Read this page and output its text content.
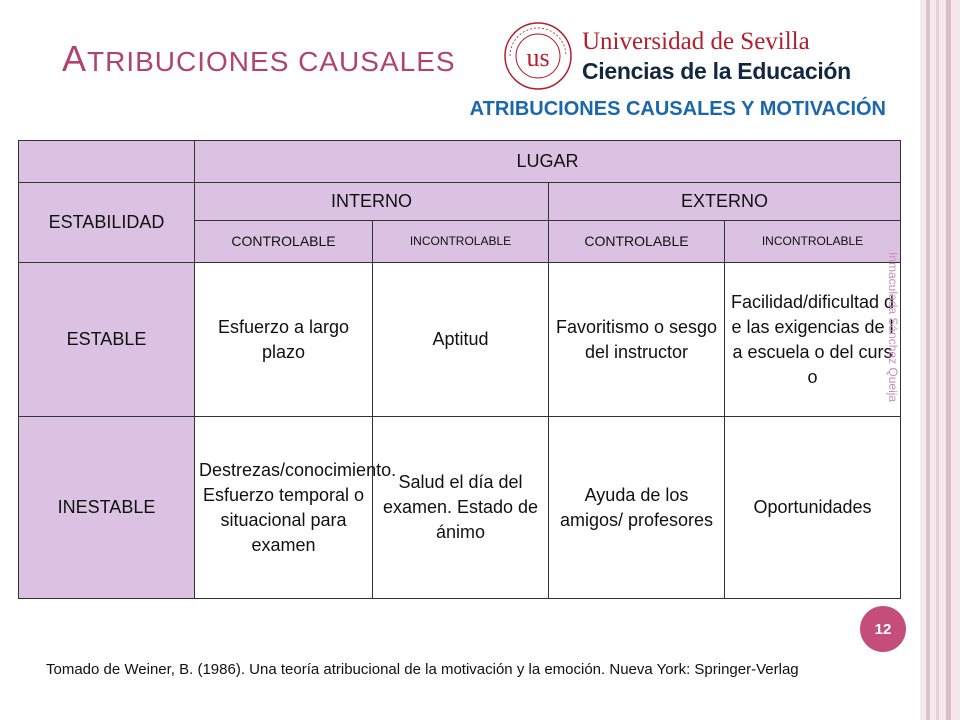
ATRIBUCIONES CAUSALES	us
Universidad de Sevilla
Ciencias de la Educación
ATRIBUCIONES CAUSALES Y MOTIVACIÓN
	LUGAR			
ESTABILIDAD	INTERNO		EXTERNO	
	CONTROLABLE	INCONTROLABLE	CONTROLABLE	INCONTROLABLE
ESTABLE	Esfuerzo a largo plazo	Aptitud	Favoritismo o sesgo del instructor	Facilidad/dificultad de las exigencias de la escuela o del curso
INESTABLE	Destrezas/conocimiento. Esfuerzo temporal o situacional para examen	Salud el día del examen. Estado de ánimo	Ayuda de los amigos/ profesores	Oportunidades
Inmaculada Sánchez Queija
12
Tomado de Weiner, B. (1986). Una teoría atribucional de la motivación y la emoción. Nueva York: Springer-Verlag
